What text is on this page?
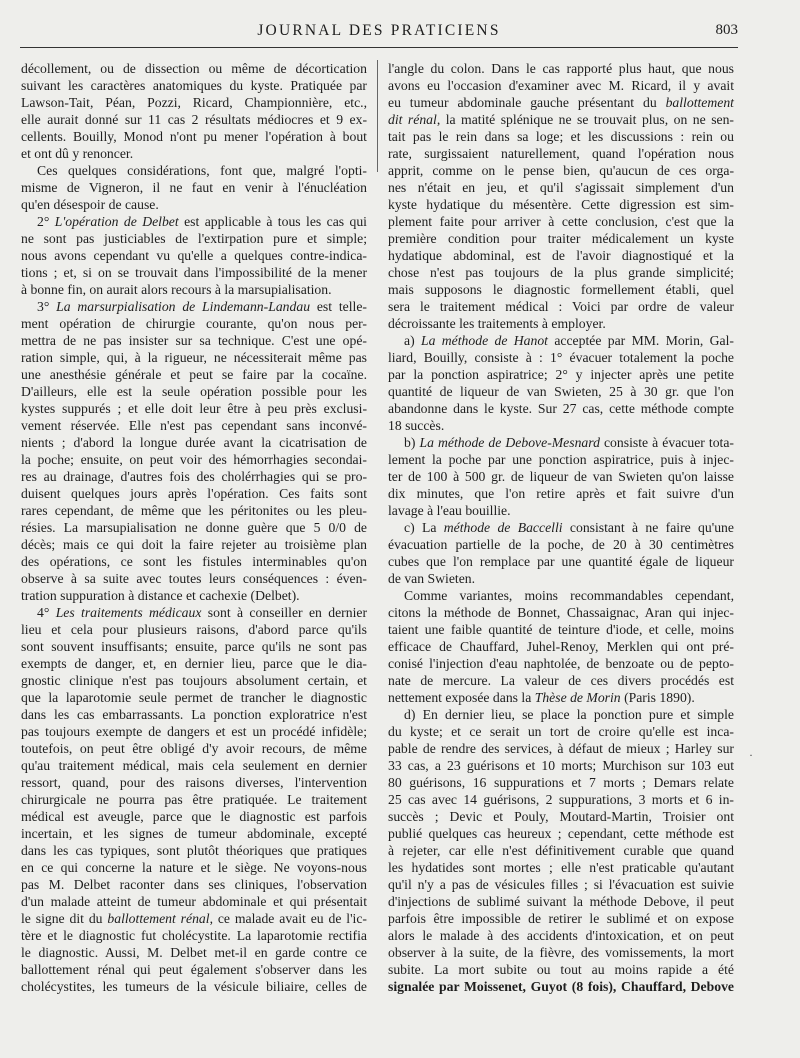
JOURNAL DES PRATICIENS	803

décollement, ou de dissection ou même de décortication

suivant les caractères anatomiques du kyste. Pratiquée par

Lawson-Tait, Péan, Pozzi, Ricard, Championnière, etc.,

elle aurait donné sur 11 cas 2 résultats médiocres et 9 ex-

cellents. Bouilly, Monod n'ont pu mener l'opération à bout

et ont dû y renoncer.

Ces quelques considérations, font que, malgré l'opti-

misme de Vigneron, il ne faut en venir à l'énucléation

qu'en désespoir de cause.

2° L'opération de Delbet est applicable à tous les cas qui

ne sont pas justiciables de l'extirpation pure et simple;

nous avons cependant vu qu'elle a quelques contre-indica-

tions ; et, si on se trouvait dans l'impossibilité de la mener

à bonne fin, on aurait alors recours à la marsupialisation.

3° La marsurpialisation de Lindemann-Landau est telle-

ment opération de chirurgie courante, qu'on nous per-

mettra de ne pas insister sur sa technique. C'est une opé-

ration simple, qui, à la rigueur, ne nécessiterait même pas

une anesthésie générale et peut se faire par la cocaïne.

D'ailleurs, elle est la seule opération possible pour les

kystes suppurés ; et elle doit leur être à peu près exclusi-

vement réservée. Elle n'est pas cependant sans inconvé-

nients ; d'abord la longue durée avant la cicatrisation de

la poche; ensuite, on peut voir des hémorrhagies secondai-

res au drainage, d'autres fois des cholérrhagies qui se pro-

duisent quelques jours après l'opération. Ces faits sont

rares cependant, de même que les péritonites ou les pleu-

résies. La marsupialisation ne donne guère que 5 0/0 de

décès; mais ce qui doit la faire rejeter au troisième plan

des opérations, ce sont les fistules interminables qu'on

observe à sa suite avec toutes leurs conséquences : éven-

tration suppuration à distance et cachexie (Delbet).

4° Les traitements médicaux sont à conseiller en dernier

lieu et cela pour plusieurs raisons, d'abord parce qu'ils

sont souvent insuffisants; ensuite, parce qu'ils ne sont pas

exempts de danger, et, en dernier lieu, parce que le dia-

gnostic clinique n'est pas toujours absolument certain, et

que la laparotomie seule permet de trancher le diagnostic

dans les cas embarrassants. La ponction exploratrice n'est

pas toujours exempte de dangers et est un procédé infidèle;

toutefois, on peut être obligé d'y avoir recours, de même

qu'au traitement médical, mais cela seulement en dernier

ressort, quand, pour des raisons diverses, l'intervention

chirurgicale ne pourra pas être pratiquée. Le traitement

médical est aveugle, parce que le diagnostic est parfois

incertain, et les signes de tumeur abdominale, excepté

dans les cas typiques, sont plutôt théoriques que pratiques

en ce qui concerne la nature et le siège. Ne voyons-nous

pas M. Delbet raconter dans ses cliniques, l'observation

d'un malade atteint de tumeur abdominale et qui présentait

le signe dit du ballottement rénal, ce malade avait eu de l'ic-

tère et le diagnostic fut cholécystite. La laparotomie rectifia

le diagnostic. Aussi, M. Delbet met-il en garde contre ce

ballottement rénal qui peut également s'observer dans les

cholécystites, les tumeurs de la vésicule biliaire, celles de

l'angle du colon. Dans le cas rapporté plus haut, que nous

avons eu l'occasion d'examiner avec M. Ricard, il y avait

eu tumeur abdominale gauche présentant du ballottement

dit rénal, la matité splénique ne se trouvait plus, on ne sen-

tait pas le rein dans sa loge; et les discussions : rein ou

rate, surgissaient naturellement, quand l'opération nous

apprit, comme on le pense bien, qu'aucun de ces orga-

nes n'était en jeu, et qu'il s'agissait simplement d'un

kyste hydatique du mésentère. Cette digression est sim-

plement faite pour arriver à cette conclusion, c'est que la

première condition pour traiter médicalement un kyste

hydatique abdominal, est de l'avoir diagnostiqué et la

chose n'est pas toujours de la plus grande simplicité;

mais supposons le diagnostic formellement établi, quel

sera le traitement médical : Voici par ordre de valeur

décroissante les traitements à employer.

a) La méthode de Hanot acceptée par MM. Morin, Gal-

liard, Bouilly, consiste à : 1° évacuer totalement la poche

par la ponction aspiratrice; 2° y injecter après une petite

quantité de liqueur de van Swieten, 25 à 30 gr. que l'on

abandonne dans le kyste. Sur 27 cas, cette méthode compte

18 succès.

b) La méthode de Debove-Mesnard consiste à évacuer tota-

lement la poche par une ponction aspiratrice, puis à injec-

ter de 100 à 500 gr. de liqueur de van Swieten qu'on laisse

dix minutes, que l'on retire après et fait suivre d'un

lavage à l'eau bouillie.

c) La méthode de Baccelli consistant à ne faire qu'une

évacuation partielle de la poche, de 20 à 30 centimètres

cubes que l'on remplace par une quantité égale de liqueur

de van Swieten.

Comme variantes, moins recommandables cependant,

citons la méthode de Bonnet, Chassaignac, Aran qui injec-

taient une faible quantité de teinture d'iode, et celle, moins

efficace de Chauffard, Juhel-Renoy, Merklen qui ont pré-

conisé l'injection d'eau naphtolée, de benzoate ou de pepto-

nate de mercure. La valeur de ces divers procédés est

nettement exposée dans la Thèse de Morin (Paris 1890).

d) En dernier lieu, se place la ponction pure et simple

du kyste; et ce serait un tort de croire qu'elle est inca-

pable de rendre des services, à défaut de mieux ; Harley sur

33 cas, a 23 guérisons et 10 morts; Murchison sur 103 eut

80 guérisons, 16 suppurations et 7 morts ; Demars relate

25 cas avec 14 guérisons, 2 suppurations, 3 morts et 6 in-

succès ; Devic et Pouly, Moutard-Martin, Troisier ont

publié quelques cas heureux ; cependant, cette méthode est

à rejeter, car elle n'est définitivement curable que quand

les hydatides sont mortes ; elle n'est praticable qu'autant

qu'il n'y a pas de vésicules filles ; si l'évacuation est suivie

d'injections de sublimé suivant la méthode Debove, il peut

parfois être impossible de retirer le sublimé et on expose

alors le malade à des accidents d'intoxication, et on peut

observer à la suite, de la fièvre, des vomissements, la mort

subite. La mort subite ou tout au moins rapide a été

signalée par Moissenet, Guyot (8 fois), Chauffard, Debove

·
